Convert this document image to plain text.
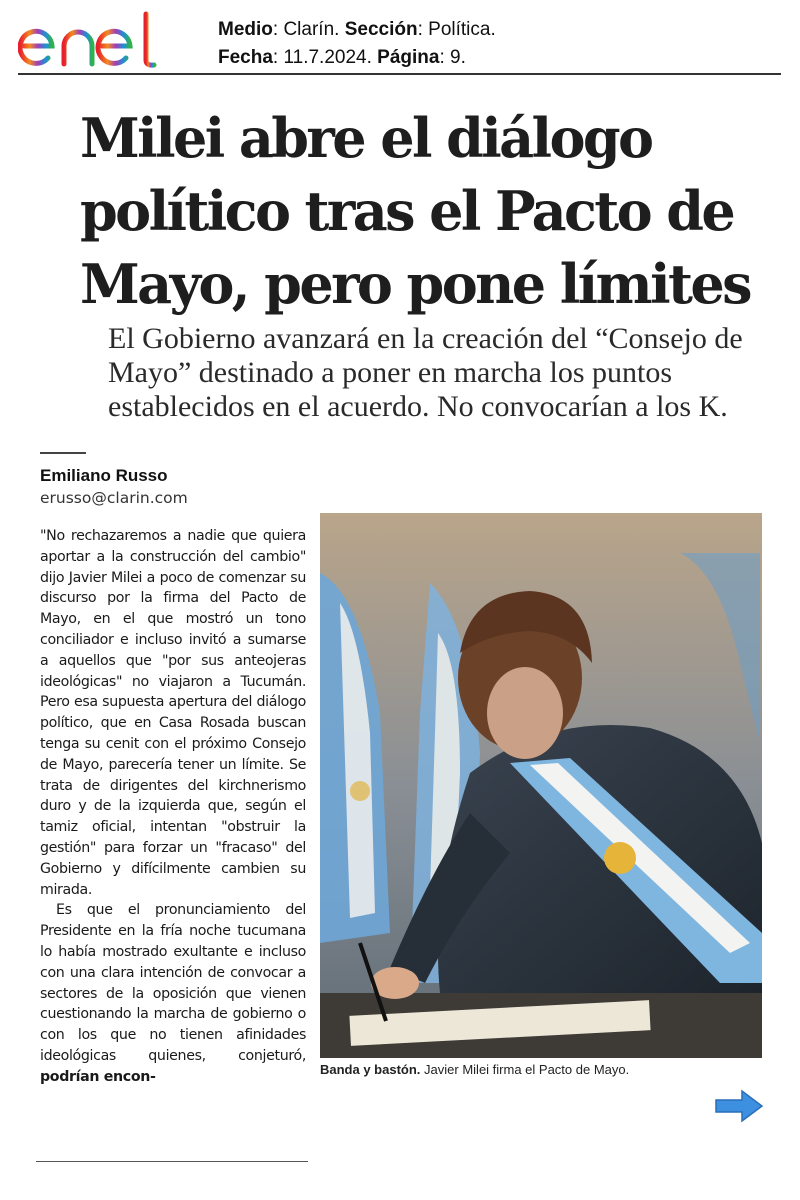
Medio: Clarín. Sección: Política.
Fecha: 11.7.2024. Página: 9.
Milei abre el diálogo político tras el Pacto de Mayo, pero pone límites

El Gobierno avanzará en la creación del “Consejo de Mayo” destinado a poner en marcha los puntos establecidos en el acuerdo. No convocarían a los K.

Emiliano Russo
erusso@clarin.com

"No rechazaremos a nadie que quiera aportar a la construcción del cambio" dijo Javier Milei a poco de comenzar su discurso por la firma del Pacto de Mayo, en el que mostró un tono conciliador e incluso invitó a sumarse a aquellos que "por sus anteojeras ideológicas" no viajaron a Tucumán. Pero esa supuesta apertura del diálogo político, que en Casa Rosada buscan tenga su cenit con el próximo Consejo de Mayo, parecería tener un límite. Se trata de dirigentes del kirchnerismo duro y de la izquierda que, según el tamiz oficial, intentan "obstruir la gestión" para forzar un "fracaso" del Gobierno y difícilmente cambien su mirada.

Es que el pronunciamiento del Presidente en la fría noche tucumana lo había mostrado exultante e incluso con una clara intención de convocar a sectores de la oposición que vienen cuestionando la marcha de gobierno o con los que no tienen afinidades ideológicas quienes, conjeturó, podrían encon-	Banda y bastón. Javier Milei firma el Pacto de Mayo.
